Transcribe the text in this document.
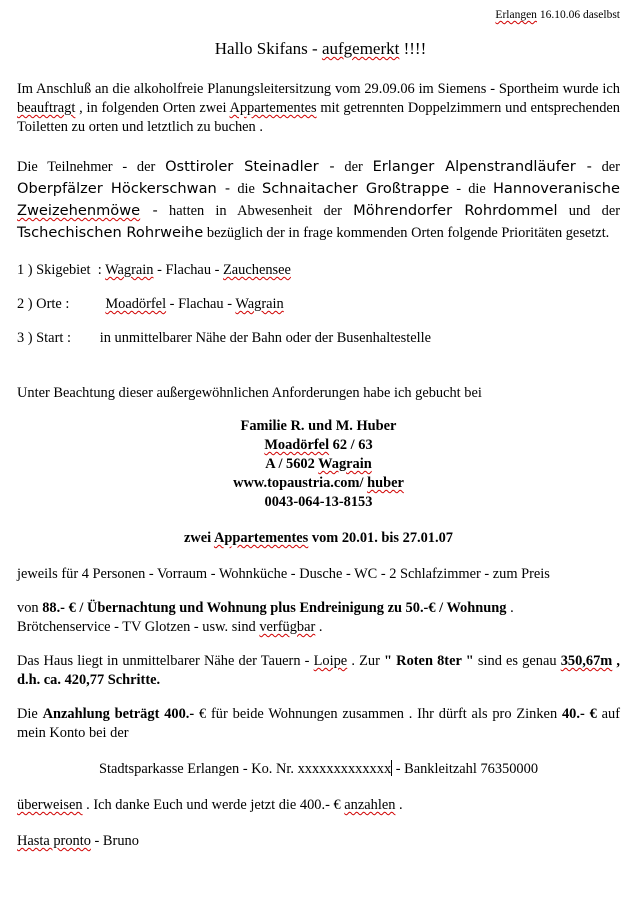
Erlangen 16.10.06 daselbst
Hallo Skifans - aufgemerkt !!!!

Im Anschluß an die alkoholfreie Planungsleitersitzung vom 29.09.06 im Siemens - Sportheim wurde ich beauftragt , in folgenden Orten zwei Appartementes mit getrennten Doppelzimmern und entsprechenden Toiletten zu orten und letztlich zu buchen .

Die Teilnehmer - der Osttiroler Steinadler - der Erlanger Alpenstrandläufer - der Oberpfälzer Höckerschwan - die Schnaitacher Großtrappe - die Hannoveranische Zweizehenmöwe - hatten in Abwesenheit der Möhrendorfer Rohrdommel und der Tschechischen Rohrweihe bezüglich der in frage kommenden Orten folgende Prioritäten gesetzt.

1 ) Skigebiet  : Wagrain - Flachau - Zauchensee

2 ) Orte :          Moadörfel - Flachau - Wagrain

3 ) Start :        in unmittelbarer Nähe der Bahn oder der Busenhaltestelle

Unter Beachtung dieser außergewöhnlichen Anforderungen habe ich gebucht bei

Familie R. und M. Huber
Moadörfel 62 / 63
A / 5602 Wagrain
www.topaustria.com/ huber
0043-064-13-8153

zwei Appartementes vom 20.01. bis 27.01.07

jeweils für 4 Personen - Vorraum - Wohnküche - Dusche - WC - 2 Schlafzimmer - zum Preis

von 88.- € / Übernachtung und Wohnung plus Endreinigung zu 50.-€ / Wohnung .

Brötchenservice - TV Glotzen - usw. sind verfügbar .

Das Haus liegt in unmittelbarer Nähe der Tauern - Loipe . Zur " Roten 8ter " sind es genau 350,67m , d.h. ca. 420,77 Schritte.

Die Anzahlung beträgt 400.- € für beide Wohnungen zusammen . Ihr dürft als pro Zinken 40.- € auf mein Konto bei der

Stadtsparkasse Erlangen - Ko. Nr. xxxxxxxxxxxxx - Bankleitzahl 76350000

überweisen . Ich danke Euch und werde jetzt die 400.- € anzahlen .

Hasta pronto - Bruno
